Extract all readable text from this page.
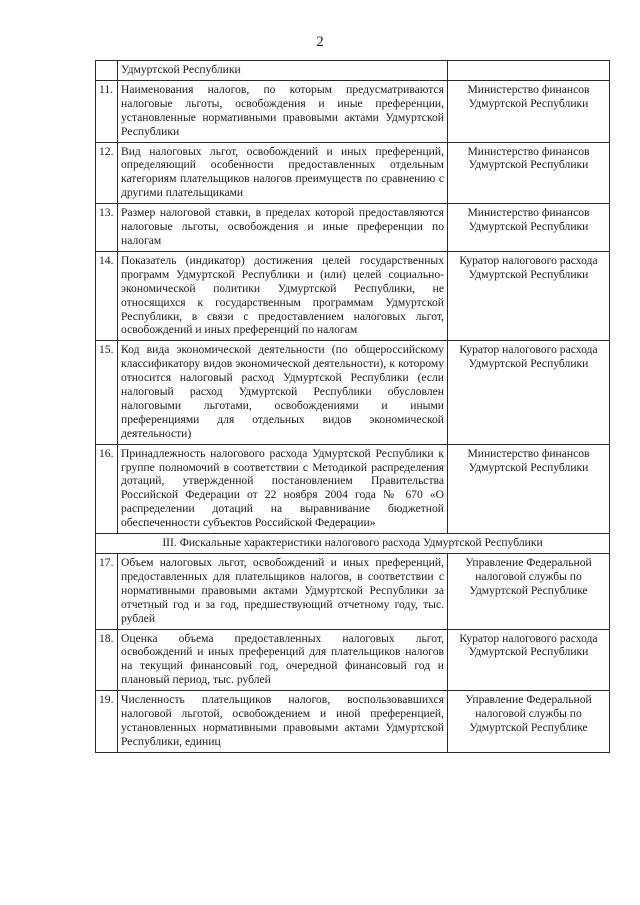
2
	Удмуртской Республики	
11.	Наименования налогов, по которым предусматриваются налоговые льготы, освобождения и иные преференции, установленные нормативными правовыми актами Удмуртской Республики	Министерство финансов Удмуртской Республики
12.	Вид налоговых льгот, освобождений и иных преференций, определяющий особенности предоставленных отдельным категориям плательщиков налогов преимуществ по сравнению с другими плательщиками	Министерство финансов Удмуртской Республики
13.	Размер налоговой ставки, в пределах которой предоставляются налоговые льготы, освобождения и иные преференции по налогам	Министерство финансов Удмуртской Республики
14.	Показатель (индикатор) достижения целей государственных программ Удмуртской Республики и (или) целей социально-экономической политики Удмуртской Республики, не относящихся к государственным программам Удмуртской Республики, в связи с предоставлением налоговых льгот, освобождений и иных преференций по налогам	Куратор налогового расхода Удмуртской Республики
15.	Код вида экономической деятельности (по общероссийскому классификатору видов экономической деятельности), к которому относится налоговый расход Удмуртской Республики (если налоговый расход Удмуртской Республики обусловлен налоговыми льготами, освобождениями и иными преференциями для отдельных видов экономической деятельности)	Куратор налогового расхода Удмуртской Республики
16.	Принадлежность налогового расхода Удмуртской Республики к группе полномочий в соответствии с Методикой распределения дотаций, утвержденной постановлением Правительства Российской Федерации от 22 ноября 2004 года № 670 «О распределении дотаций на выравнивание бюджетной обеспеченности субъектов Российской Федерации»	Министерство финансов Удмуртской Республики
III. Фискальные характеристики налогового расхода Удмуртской Республики		
17.	Объем налоговых льгот, освобождений и иных преференций, предоставленных для плательщиков налогов, в соответствии с нормативными правовыми актами Удмуртской Республики за отчетный год и за год, предшествующий отчетному году, тыс. рублей	Управление Федеральной налоговой службы по Удмуртской Республике
18.	Оценка объема предоставленных налоговых льгот, освобождений и иных преференций для плательщиков налогов на текущий финансовый год, очередной финансовый год и плановый период, тыс. рублей	Куратор налогового расхода Удмуртской Республики
19.	Численность плательщиков налогов, воспользовавшихся налоговой льготой, освобождением и иной преференцией, установленных нормативными правовыми актами Удмуртской Республики, единиц	Управление Федеральной налоговой службы по Удмуртской Республике
